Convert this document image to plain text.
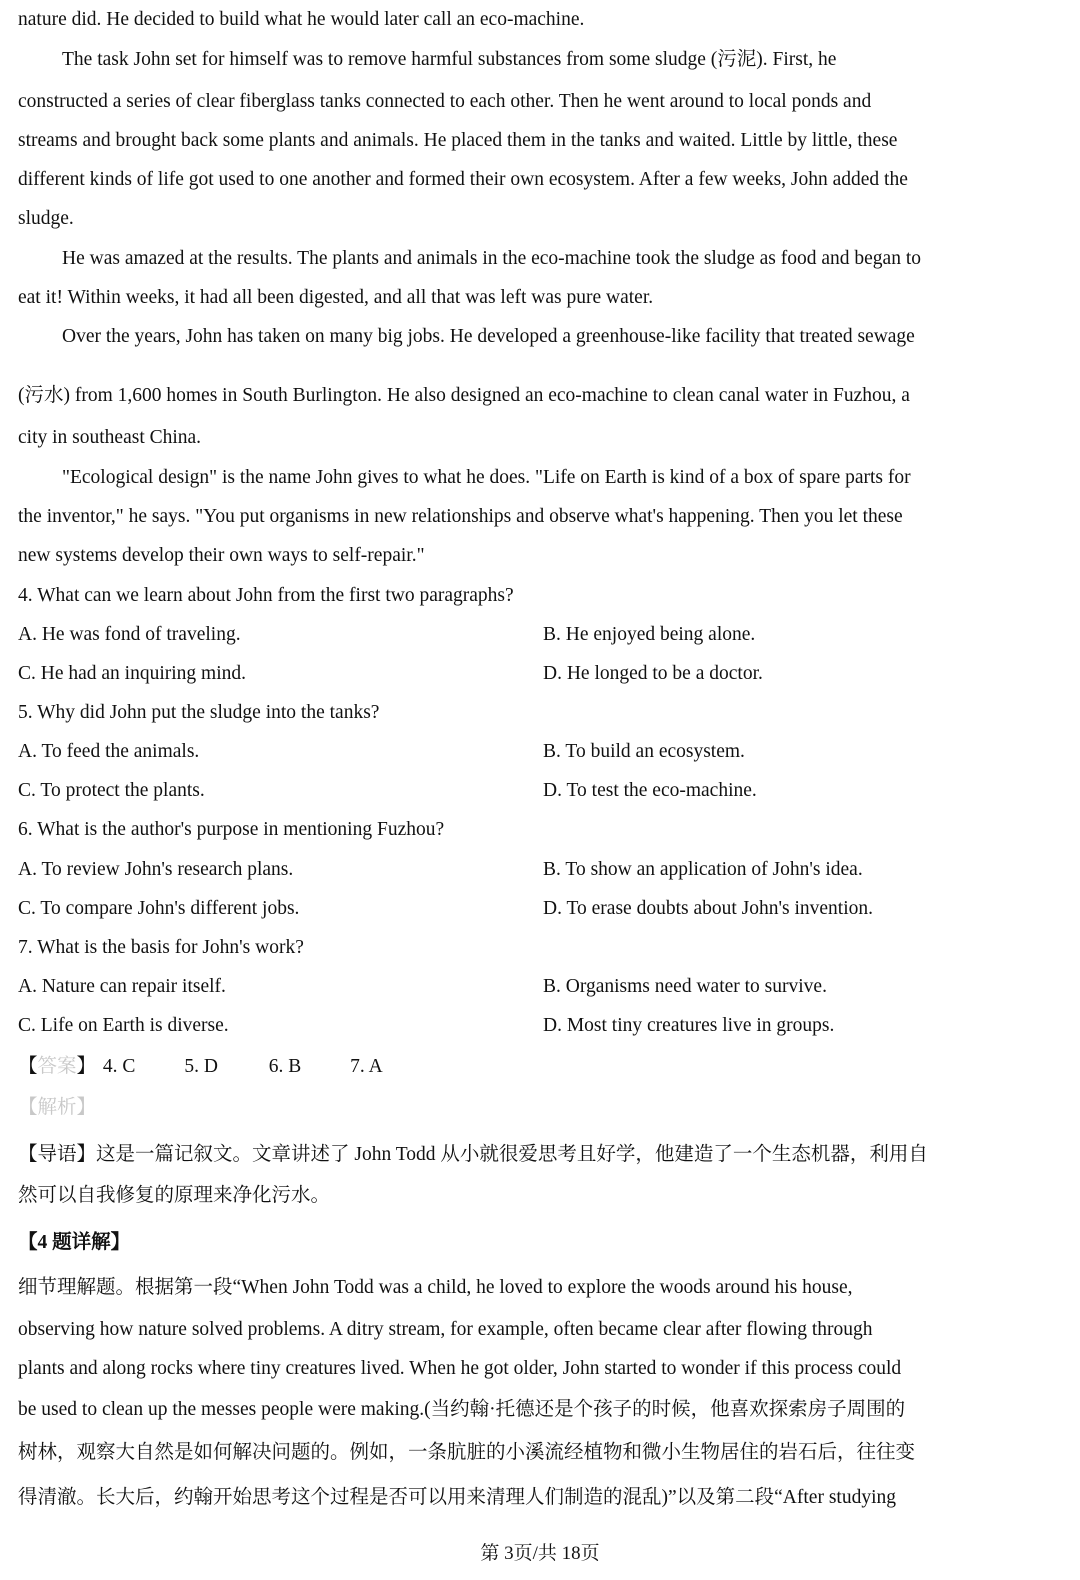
nature did. He decided to build what he would later call an eco-machine.
The task John set for himself was to remove harmful substances from some sludge (污泥). First, he
constructed a series of clear fiberglass tanks connected to each other. Then he went around to local ponds and
streams and brought back some plants and animals. He placed them in the tanks and waited. Little by little, these
different kinds of life got used to one another and formed their own ecosystem. After a few weeks, John added the
sludge.
He was amazed at the results. The plants and animals in the eco-machine took the sludge as food and began to
eat it! Within weeks, it had all been digested, and all that was left was pure water.
Over the years, John has taken on many big jobs. He developed a greenhouse-like facility that treated sewage
(污水) from 1,600 homes in South Burlington. He also designed an eco-machine to clean canal water in Fuzhou, a
city in southeast China.
"Ecological design" is the name John gives to what he does. "Life on Earth is kind of a box of spare parts for
the inventor," he says. "You put organisms in new relationships and observe what's happening. Then you let these
new systems develop their own ways to self-repair."
4. What can we learn about John from the first two paragraphs?
A. He was fond of traveling.	B. He enjoyed being alone.
C. He had an inquiring mind.	D. He longed to be a doctor.
5. Why did John put the sludge into the tanks?
A. To feed the animals.	B. To build an ecosystem.
C. To protect the plants.	D. To test the eco-machine.
6. What is the author's purpose in mentioning Fuzhou?
A. To review John's research plans.	B. To show an application of John's idea.
C. To compare John's different jobs.	D. To erase doubts about John's invention.
7. What is the basis for John's work?
A. Nature can repair itself.	B. Organisms need water to survive.
C. Life on Earth is diverse.	D. Most tiny creatures live in groups.
【答案】 4. C	5. D	6. B	7. A
【解析】
【导语】这是一篇记叙文。文章讲述了 John Todd 从小就很爱思考且好学，他建造了一个生态机器，利用自
然可以自我修复的原理来净化污水。
【4 题详解】
细节理解题。根据第一段“When John Todd was a child, he loved to explore the woods around his house,
observing how nature solved problems. A ditry stream, for example, often became clear after flowing through
plants and along rocks where tiny creatures lived. When he got older, John started to wonder if this process could
be used to clean up the messes people were making.(当约翰·托德还是个孩子的时候，他喜欢探索房子周围的
树林，观察大自然是如何解决问题的。例如，一条肮脏的小溪流经植物和微小生物居住的岩石后，往往变
得清澈。长大后，约翰开始思考这个过程是否可以用来清理人们制造的混乱)”以及第二段“After studying
第 3页/共 18页
